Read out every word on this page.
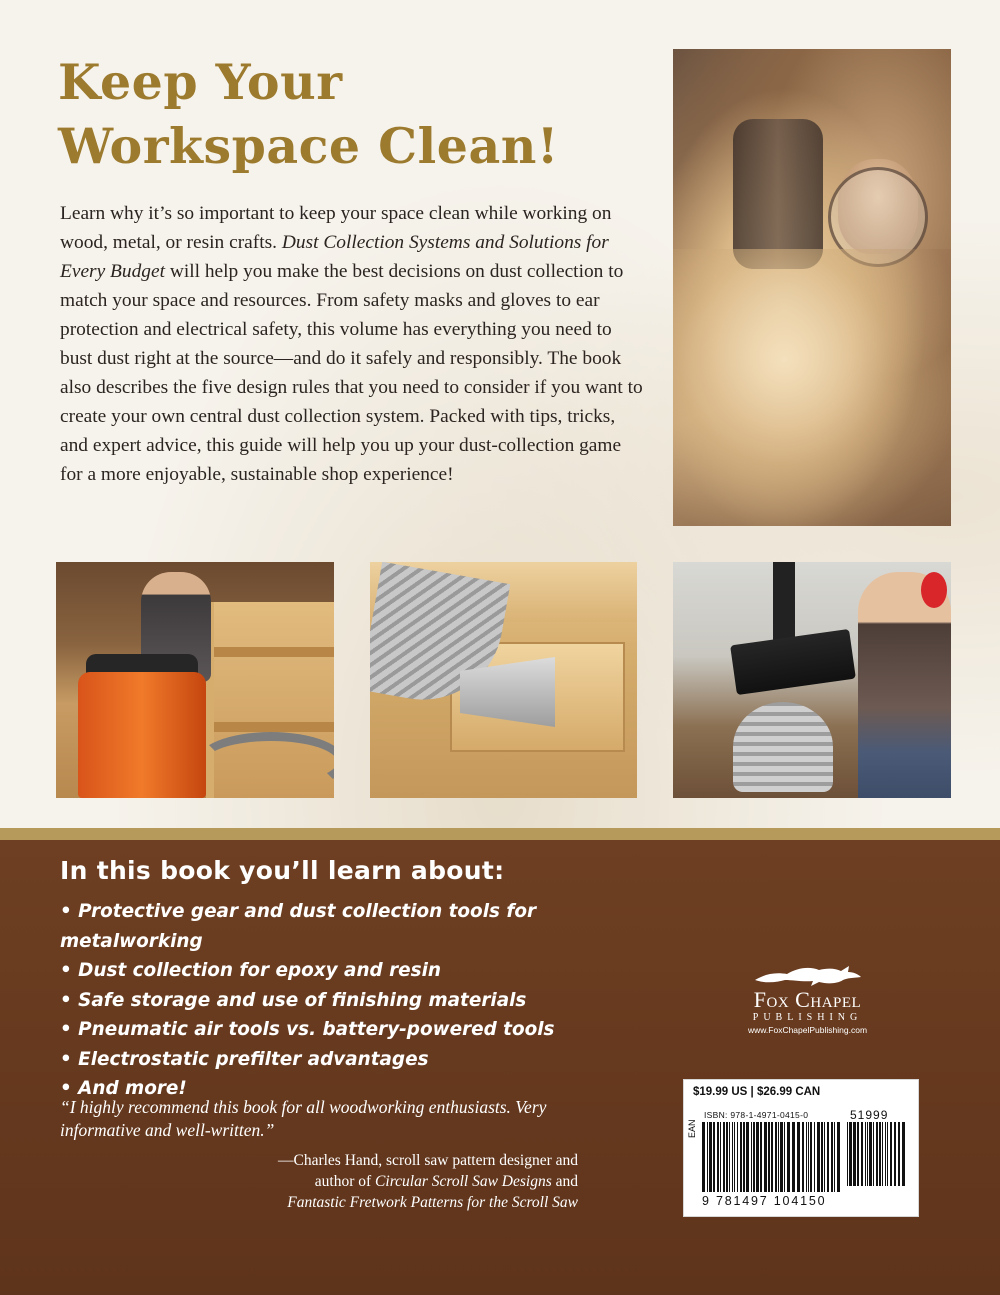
Keep Your
Workspace Clean!

Learn why it’s so important to keep your space clean while working on wood, metal, or resin crafts. Dust Collection Systems and Solutions for Every Budget will help you make the best decisions on dust collection to match your space and resources. From safety masks and gloves to ear protection and electrical safety, this volume has everything you need to bust dust right at the source—and do it safely and responsibly. The book also describes the five design rules that you need to consider if you want to create your own central dust collection system. Packed with tips, tricks, and expert advice, this guide will help you up your dust-collection game for a more enjoyable, sustainable shop experience!

In this book you’ll learn about:
• Protective gear and dust collection tools for metalworking
• Dust collection for epoxy and resin
• Safe storage and use of finishing materials
• Pneumatic air tools vs. battery-powered tools
• Electrostatic prefilter advantages
• And more!

“I highly recommend this book for all woodworking enthusiasts. Very informative and well-written.”

—Charles Hand, scroll saw pattern designer and
author of Circular Scroll Saw Designs and
Fantastic Fretwork Patterns for the Scroll Saw

Fox Chapel
PUBLISHING
www.FoxChapelPublishing.com
$19.99 US | $26.99 CAN
ISBN: 978-1-4971-0415-0	51999
EAN
9 781497 104150
